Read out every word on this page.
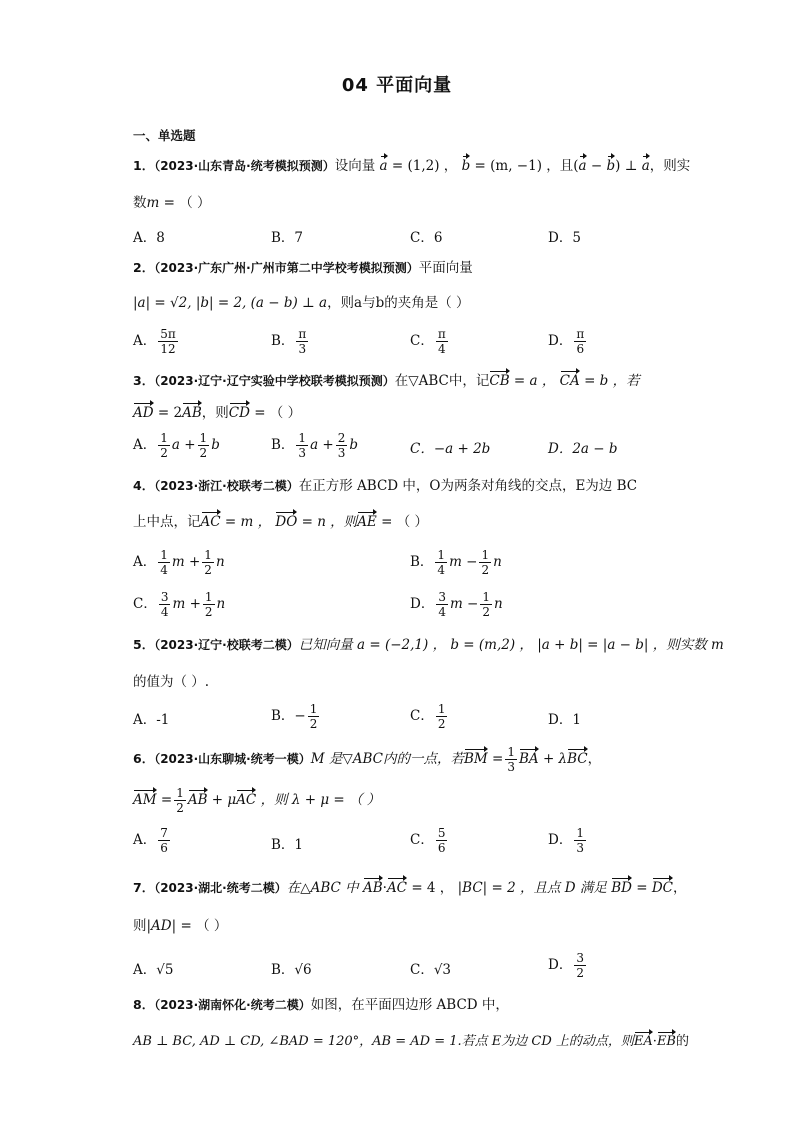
04 平面向量
一、单选题
1．（2023·山东青岛·统考模拟预测）设向量 a = (1,2) ， b = (m, −1) ，且(a − b) ⊥ a，则实
数m = （ ）
A．8	B．7	C．6	D．5
2．（2023·广东广州·广州市第二中学校考模拟预测）平面向量
|a| = √2, |b| = 2, (a − b) ⊥ a，则a与b的夹角是（ ）
A． $\frac{5\pi}{12}$	B． $\frac{\pi}{3}$	C． $\frac{\pi}{4}$	D． $\frac{\pi}{6}$
3．（2023·辽宁·辽宁实验中学校联考模拟预测）在▽ABC中，记CB = a ， CA = b ，若
AD = 2AB，则CD = （ ）
A． $\frac{1}{2}$ $a + \frac{1}{2}$ b	B． $\frac{1}{3}$ $a + \frac{2}{3}$ b	C．−a + 2b	D．2a − b
4．（2023·浙江·校联考二模）在正方形 ABCD 中，O为两条对角线的交点，E为边 BC
上中点，记AC = m ， DO = n ，则AE = （ ）
A． $\frac{1}{4}$ $m + \frac{1}{2}$ n	B． $\frac{1}{4}$ $m - \frac{1}{2}$ n
C． $\frac{3}{4}$ $m + \frac{1}{2}$ n	D． $\frac{3}{4}$ $m - \frac{1}{2}$ n
5．（2023·辽宁·校联考二模）已知向量 a = (−2,1) ， b = (m,2) ， |a + b| = |a − b| ，则实数 m
的值为（ ）.
A．-1	B．− $\frac{1}{2}$	C． $\frac{1}{2}$	D．1
6．（2023·山东聊城·统考一模）M 是▽ABC内的一点，若BM = $\frac{1}{3}$ BA + λBC，
AM = $\frac{1}{2}$ AB + μAC ，则 λ + μ = （ ）
A． $\frac{7}{6}$	B．1	C． $\frac{5}{6}$	D． $\frac{1}{3}$
7．（2023·湖北·统考二模）在△ABC 中 AB·AC = 4 ， |BC| = 2 ，且点 D 满足 BD = DC，
则|AD| = （ ）
A．√5	B．√6	C．√3	D． $\frac{3}{2}$
8．（2023·湖南怀化·统考二模）如图，在平面四边形 ABCD 中，
AB ⊥ BC, AD ⊥ CD, ∠BAD = 120°，AB = AD = 1.若点 E为边 CD 上的动点，则EA·EB的
